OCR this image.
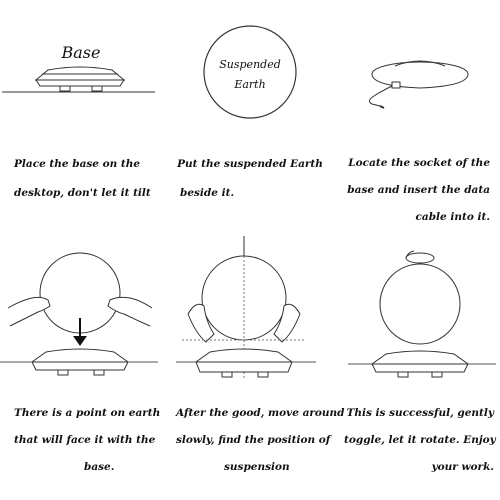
Base
Suspended
Earth
Place the base on the
desktop, don't let it tilt
Put the suspended Earth
beside it.
Locate the socket of the
base and insert the data
cable into it.
There is a point on earth
that will face it with the
base.
After the good, move around
slowly, find the position of
suspension
This is successful, gently
toggle, let it rotate. Enjoy
your work.
